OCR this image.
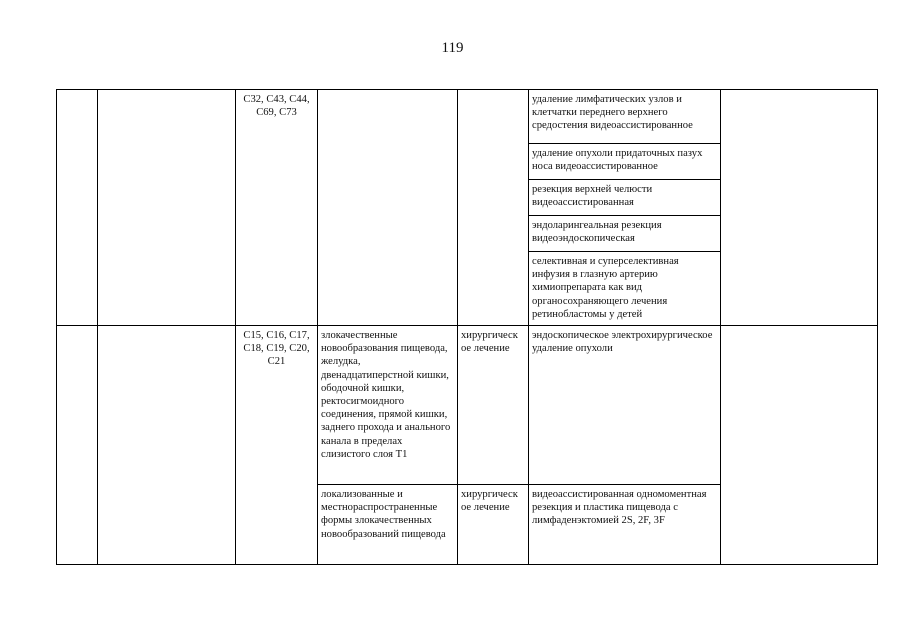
119
		C32, C43, C44, C69, C73			удаление лимфатических узлов и клетчатки переднего верхнего средостения видеоассистированное	
					удаление опухоли придаточных пазух носа видеоассистированное	
					резекция верхней челюсти видеоассистированная	
					эндоларингеальная резекция видеоэндоскопическая	
					селективная и суперселективная инфузия в глазную артерию химиопрепарата как вид органосохраняющего лечения ретинобластомы у детей	
		C15, C16, C17, C18, C19, C20, C21	злокачественные новообразования пищевода, желудка, двенадцатиперстной кишки, ободочной кишки, ректосигмоидного соединения, прямой кишки, заднего прохода и анального канала в пределах слизистого слоя T1	хирургическ ое лечение	эндоскопическое электрохирургическое удаление опухоли	
			локализованные и местнораспространенные формы злокачественных новообразований пищевода	хирургическ ое лечение	видеоассистированная одномоментная резекция и пластика пищевода с лимфаденэктомией 2S, 2F, 3F	
